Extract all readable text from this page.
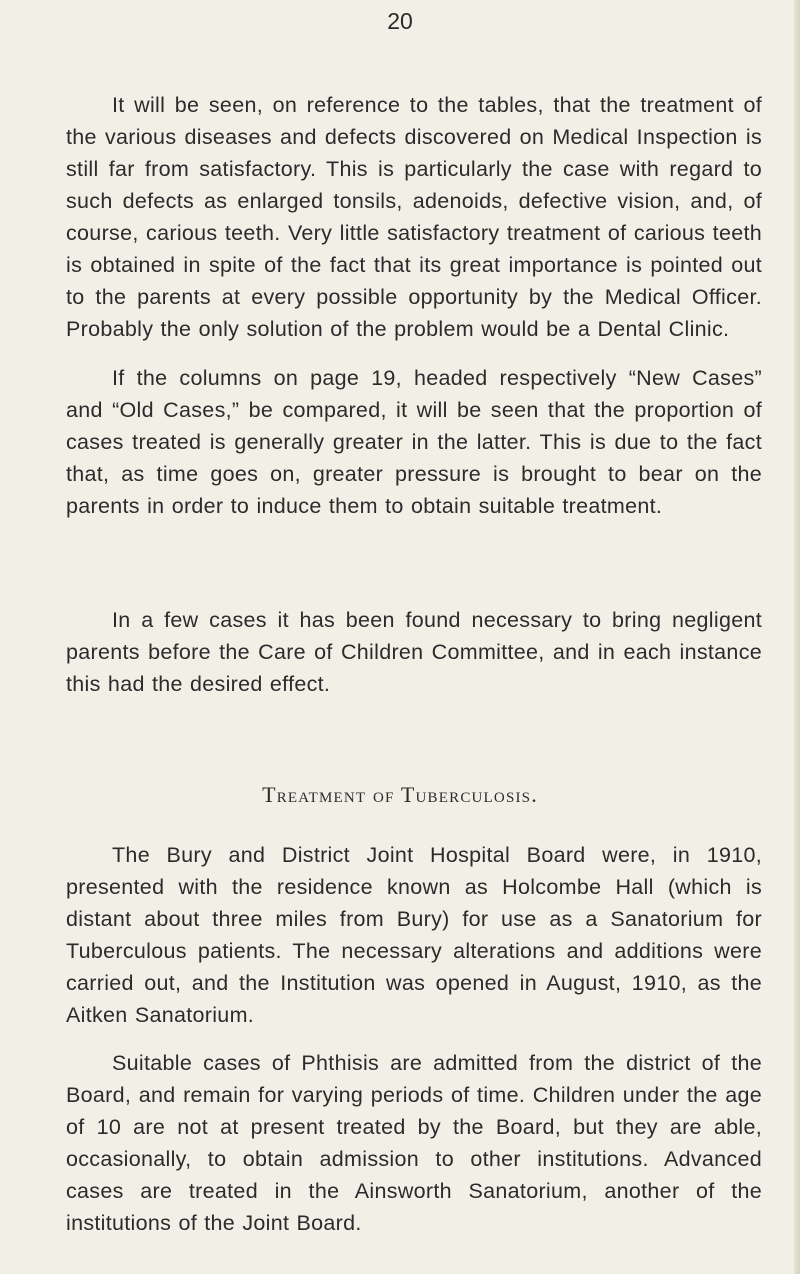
20

It will be seen, on reference to the tables, that the treatment of the various diseases and defects discovered on Medical Inspection is still far from satisfactory. This is particularly the case with regard to such defects as enlarged tonsils, adenoids, defective vision, and, of course, carious teeth. Very little satisfactory treatment of carious teeth is obtained in spite of the fact that its great importance is pointed out to the parents at every possible opportunity by the Medical Officer. Probably the only solution of the problem would be a Dental Clinic.

If the columns on page 19, headed respectively “New Cases” and “Old Cases,” be compared, it will be seen that the proportion of cases treated is generally greater in the latter. This is due to the fact that, as time goes on, greater pressure is brought to bear on the parents in order to induce them to obtain suitable treatment.

In a few cases it has been found necessary to bring negligent parents before the Care of Children Committee, and in each instance this had the desired effect.

Treatment of Tuberculosis.

The Bury and District Joint Hospital Board were, in 1910, presented with the residence known as Holcombe Hall (which is distant about three miles from Bury) for use as a Sanatorium for Tuberculous patients. The necessary alterations and additions were carried out, and the Institution was opened in August, 1910, as the Aitken Sanatorium.

Suitable cases of Phthisis are admitted from the district of the Board, and remain for varying periods of time. Children under the age of 10 are not at present treated by the Board, but they are able, occasionally, to obtain admission to other institutions. Advanced cases are treated in the Ainsworth Sanatorium, another of the institutions of the Joint Board.
